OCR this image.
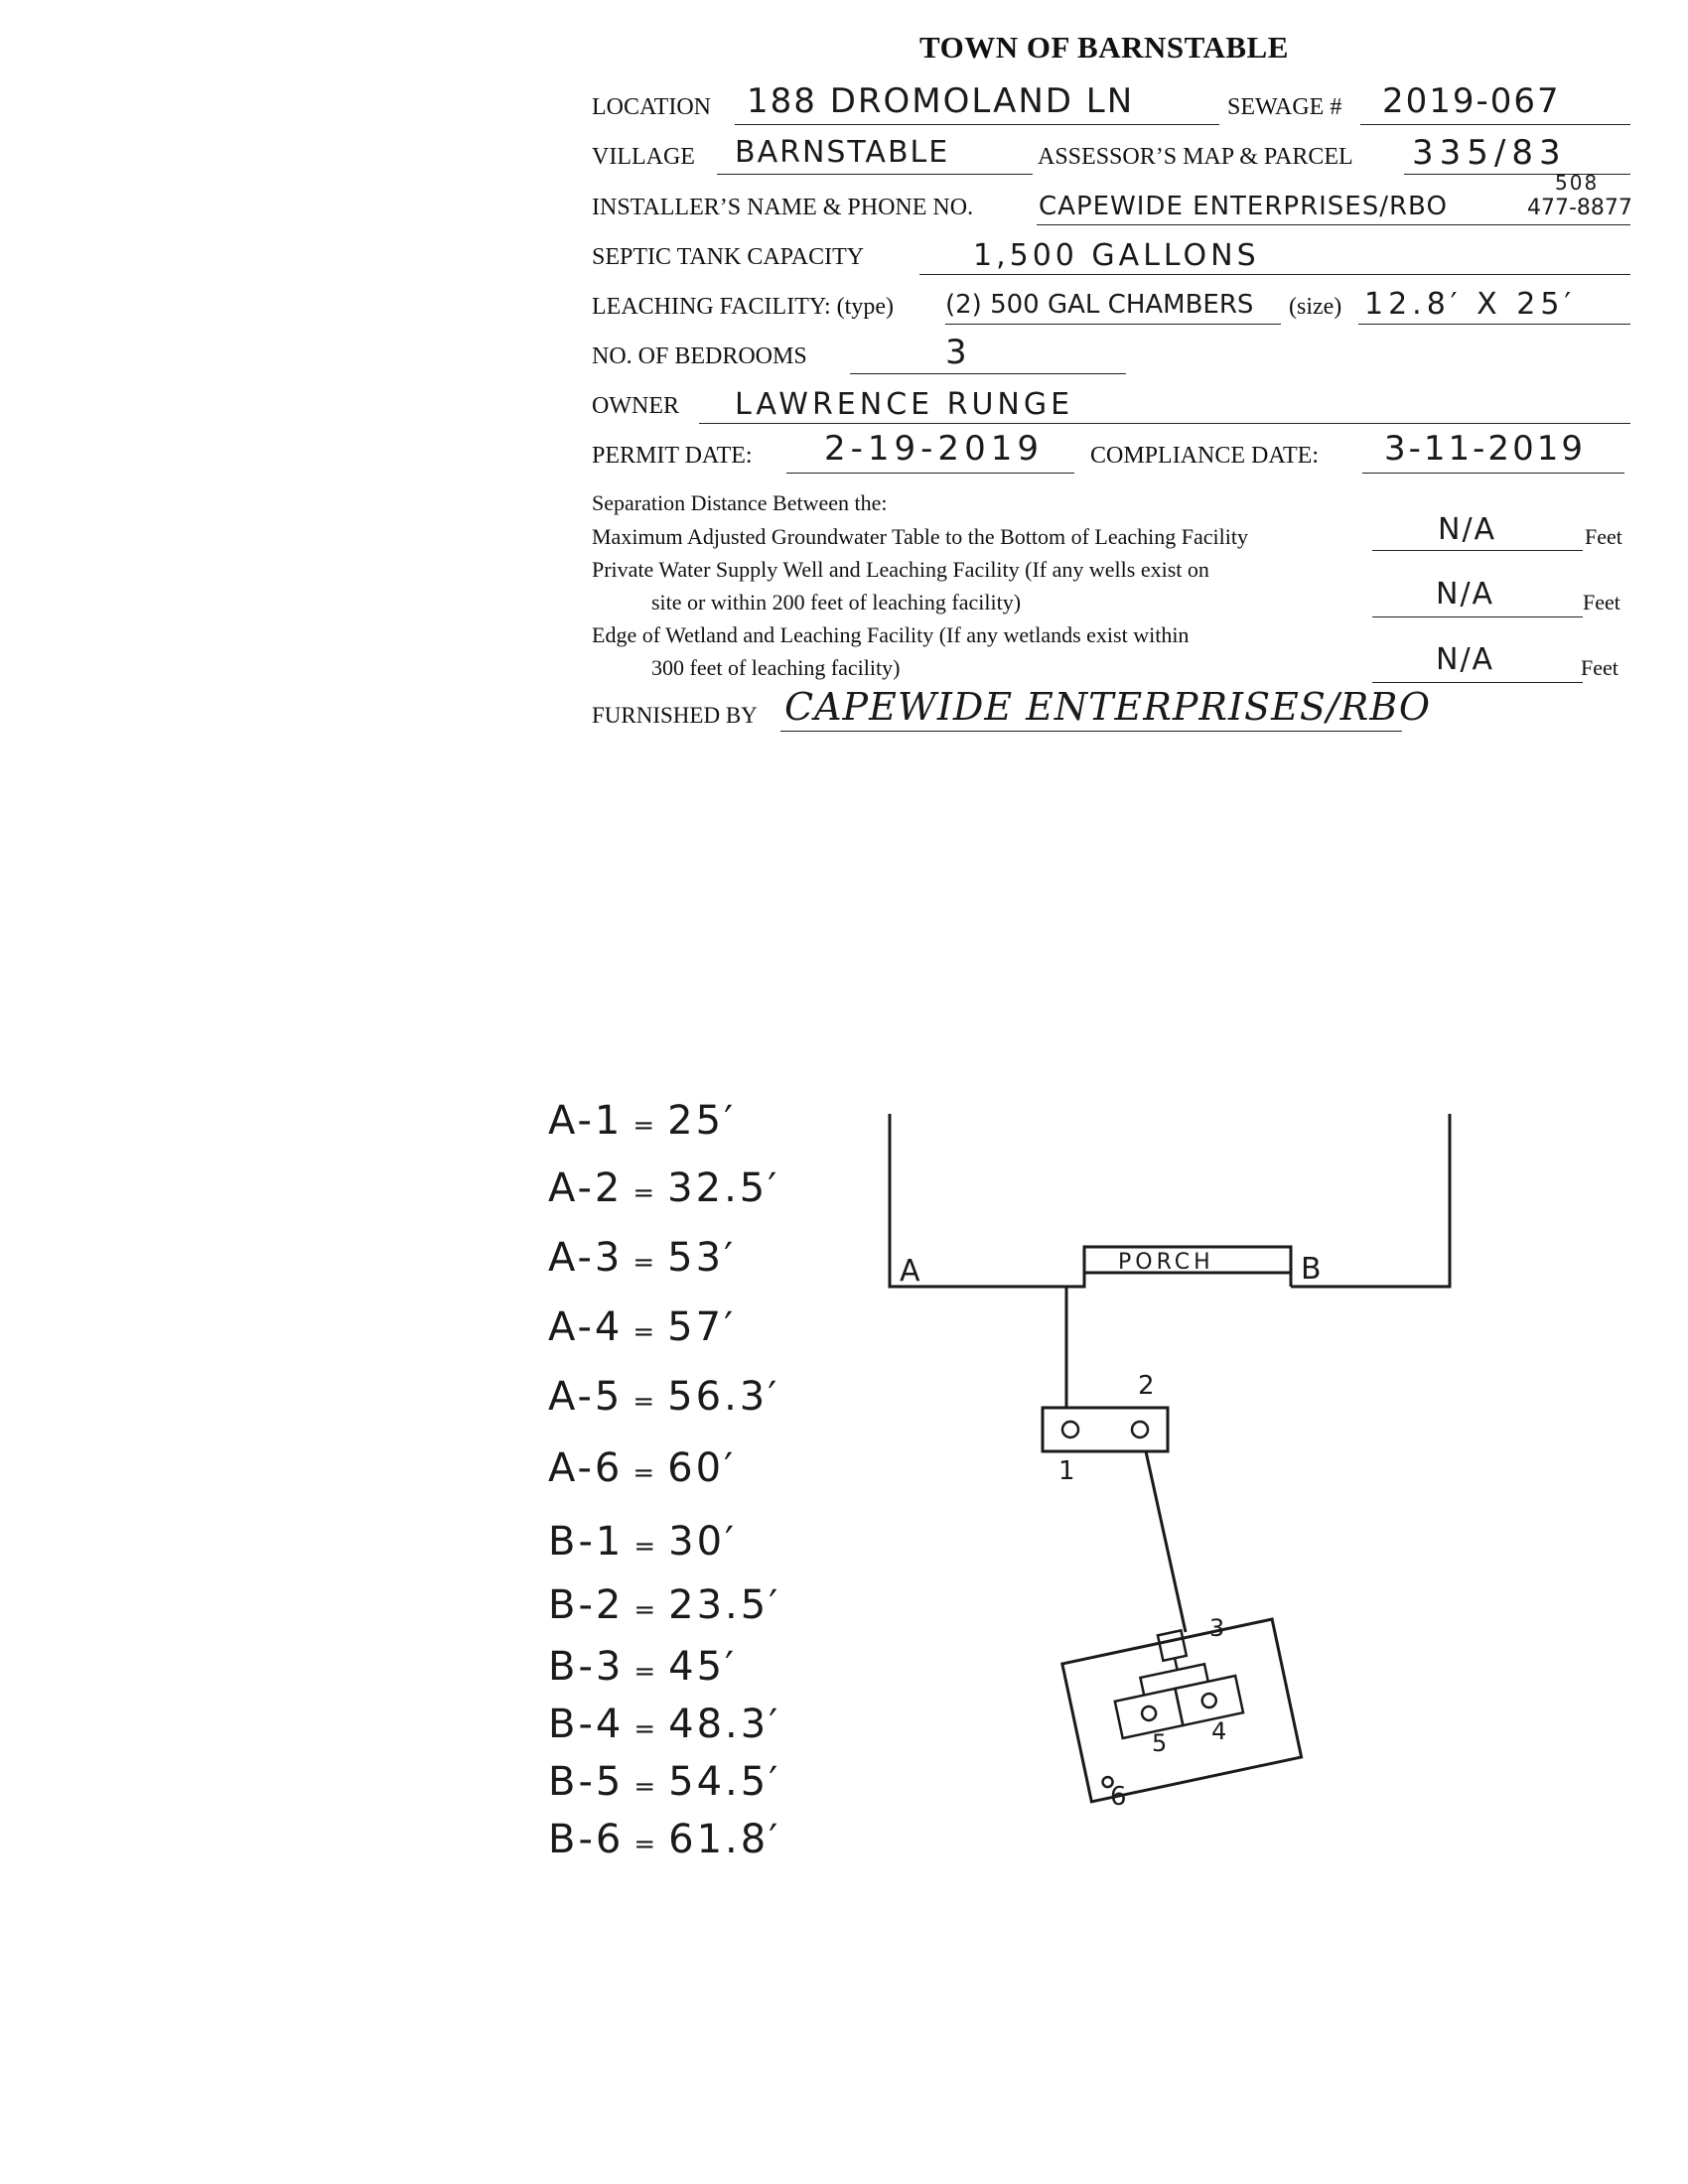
TOWN OF BARNSTABLE
LOCATION 188 DROMOLAND LN	SEWAGE # 2019-067
VILLAGE BARNSTABLE	ASSESSOR’S MAP & PARCEL 335/83
INSTALLER’S NAME & PHONE NO.	CAPEWIDE ENTERPRISES/RBO
508
477-8877
SEPTIC TANK CAPACITY	1,500 GALLONS
LEACHING FACILITY: (type) (2) 500 GAL CHAMBERS (size) 12.8′ X 25′
NO. OF BEDROOMS	3
OWNER LAWRENCE RUNGE
PERMIT DATE: 2-19-2019 COMPLIANCE DATE: 3-11-2019
Separation Distance Between the:
Maximum Adjusted Groundwater Table to the Bottom of Leaching Facility	N/A	Feet
Private Water Supply Well and Leaching Facility (If any wells exist on
site or within 200 feet of leaching facility)	N/A	Feet
Edge of Wetland and Leaching Facility (If any wetlands exist within
300 feet of leaching facility)	N/A	Feet
FURNISHED BY CAPEWIDE ENTERPRISES/RBO
A-1 = 25′
A-2 = 32.5′
A-3 = 53′
A-4 = 57′
A-5 = 56.3′
A-6 = 60′
B-1 = 30′
B-2 = 23.5′
B-3 = 45′
B-4 = 48.3′
B-5 = 54.5′
B-6 = 61.8′
PORCH
A	B
1
2
3
4
5
6
